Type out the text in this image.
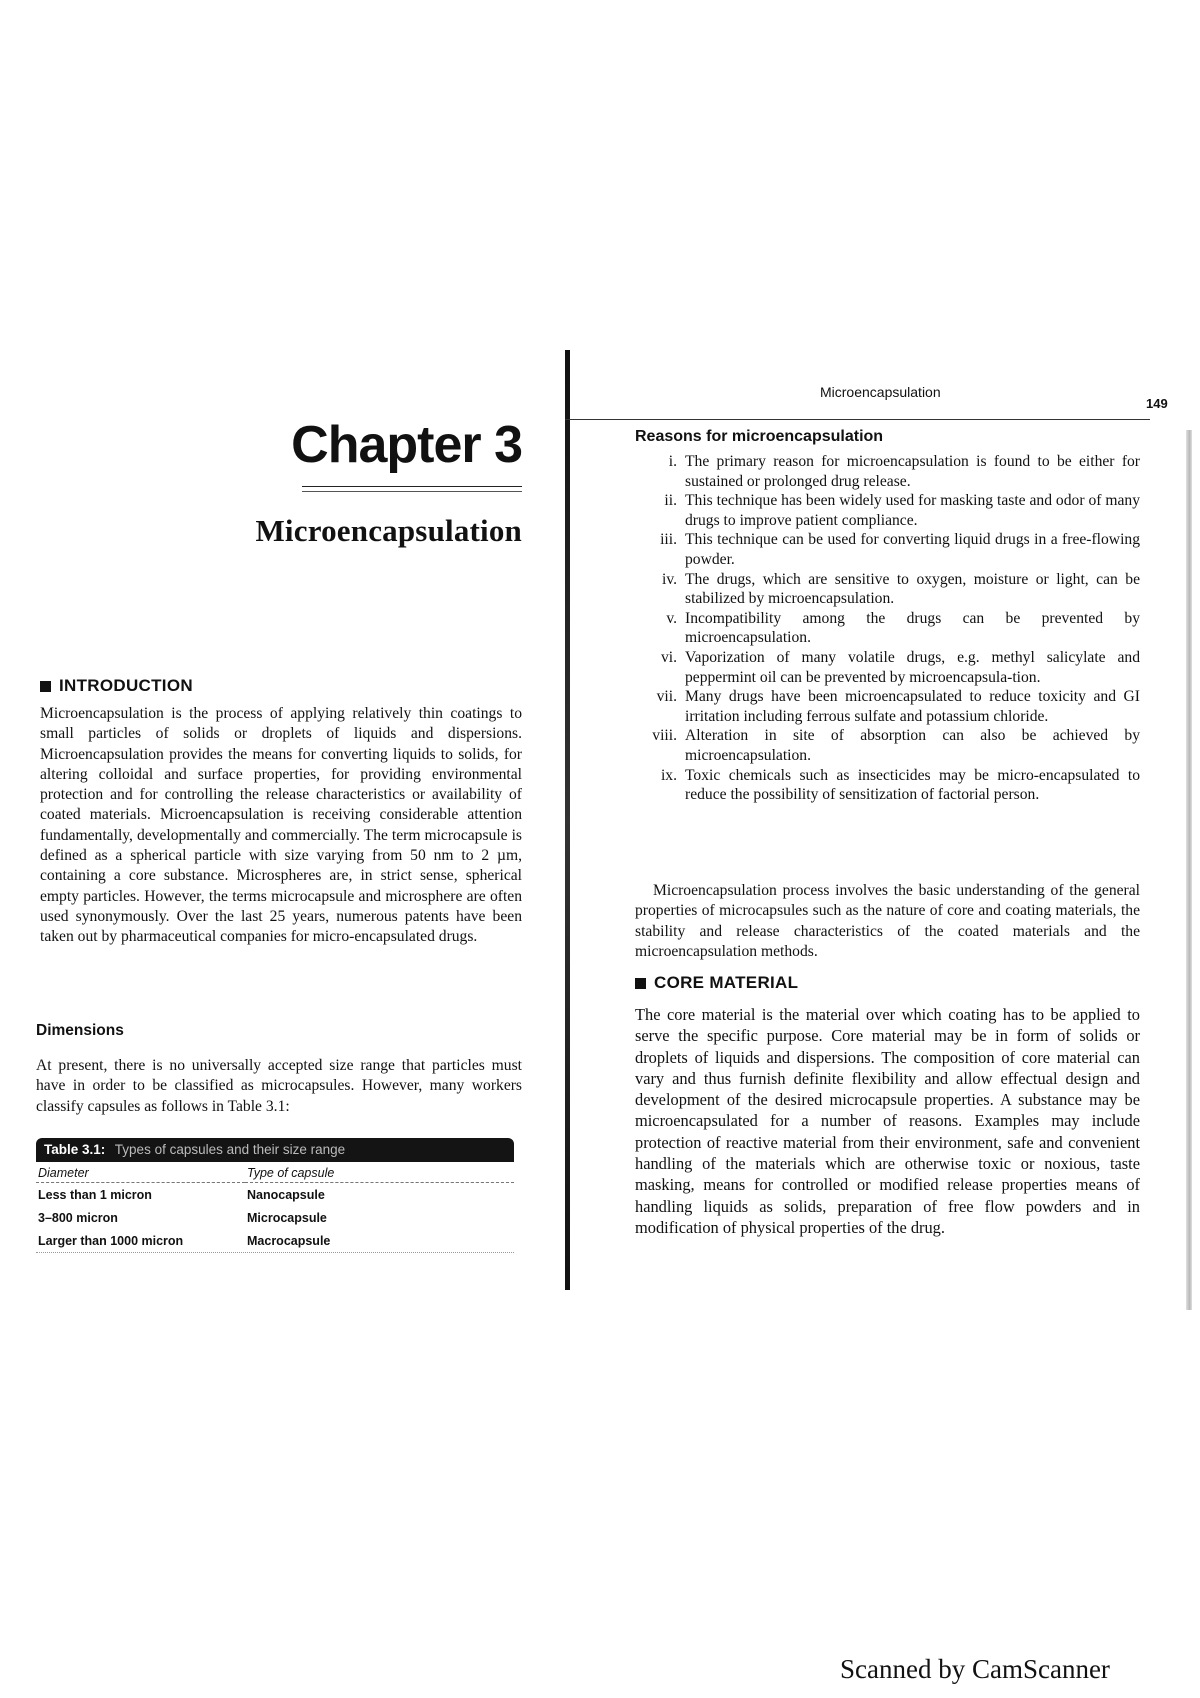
Chapter 3
Microencapsulation
INTRODUCTION

Microencapsulation is the process of applying relatively thin coatings to small particles of solids or droplets of liquids and dispersions. Microencapsulation provides the means for converting liquids to solids, for altering colloidal and surface properties, for providing environmental protection and for controlling the release characteristics or availability of coated materials. Microencapsulation is receiving considerable attention fundamentally, developmentally and commercially. The term microcapsule is defined as a spherical particle with size varying from 50 nm to 2 µm, containing a core substance. Microspheres are, in strict sense, spherical empty particles. However, the terms microcapsule and microsphere are often used synonymously. Over the last 25 years, numerous patents have been taken out by pharmaceutical companies for micro-encapsulated drugs.

Dimensions

At present, there is no universally accepted size range that particles must have in order to be classified as microcapsules. However, many workers classify capsules as follows in Table 3.1:

Table 3.1: Types of capsules and their size range
Diameter	Type of capsule
Less than 1 micron	Nanocapsule
3–800 micron	Microcapsule
Larger than 1000 micron	Macrocapsule

Microencapsulation

149
Reasons for microencapsulation
i. The primary reason for microencapsulation is found to be either for sustained or prolonged drug release.
ii. This technique has been widely used for masking taste and odor of many drugs to improve patient compliance.
iii. This technique can be used for converting liquid drugs in a free-flowing powder.
iv. The drugs, which are sensitive to oxygen, moisture or light, can be stabilized by microencapsulation.
v. Incompatibility among the drugs can be prevented by microencapsulation.
vi. Vaporization of many volatile drugs, e.g. methyl salicylate and peppermint oil can be prevented by microencapsula-tion.
vii. Many drugs have been microencapsulated to reduce toxicity and GI irritation including ferrous sulfate and potassium chloride.
viii. Alteration in site of absorption can also be achieved by microencapsulation.
ix. Toxic chemicals such as insecticides may be micro-encapsulated to reduce the possibility of sensitization of factorial person.

Microencapsulation process involves the basic understanding of the general properties of microcapsules such as the nature of core and coating materials, the stability and release characteristics of the coated materials and the microencapsulation methods.

CORE MATERIAL

The core material is the material over which coating has to be applied to serve the specific purpose. Core material may be in form of solids or droplets of liquids and dispersions. The composition of core material can vary and thus furnish definite flexibility and allow effectual design and development of the desired microcapsule properties. A substance may be microencapsulated for a number of reasons. Examples may include protection of reactive material from their environment, safe and convenient handling of the materials which are otherwise toxic or noxious, taste masking, means for controlled or modified release properties means of handling liquids as solids, preparation of free flow powders and in modification of physical properties of the drug.

Scanned by CamScanner
